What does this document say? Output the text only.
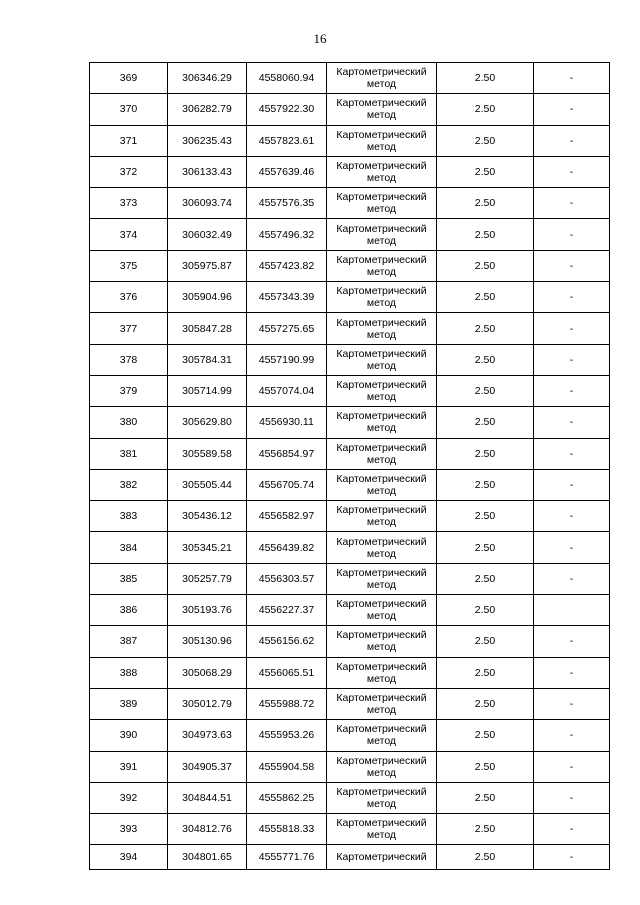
16
369	306346.29	4558060.94	Картометрический
метод	2.50	-
370	306282.79	4557922.30	Картометрический
метод	2.50	-
371	306235.43	4557823.61	Картометрический
метод	2.50	-
372	306133.43	4557639.46	Картометрический
метод	2.50	-
373	306093.74	4557576.35	Картометрический
метод	2.50	-
374	306032.49	4557496.32	Картометрический
метод	2.50	-
375	305975.87	4557423.82	Картометрический
метод	2.50	-
376	305904.96	4557343.39	Картометрический
метод	2.50	-
377	305847.28	4557275.65	Картометрический
метод	2.50	-
378	305784.31	4557190.99	Картометрический
метод	2.50	-
379	305714.99	4557074.04	Картометрический
метод	2.50	-
380	305629.80	4556930.11	Картометрический
метод	2.50	-
381	305589.58	4556854.97	Картометрический
метод	2.50	-
382	305505.44	4556705.74	Картометрический
метод	2.50	-
383	305436.12	4556582.97	Картометрический
метод	2.50	-
384	305345.21	4556439.82	Картометрический
метод	2.50	-
385	305257.79	4556303.57	Картометрический
метод	2.50	-
386	305193.76	4556227.37	Картометрический
метод	2.50	
387	305130.96	4556156.62	Картометрический
метод	2.50	-
388	305068.29	4556065.51	Картометрический
метод	2.50	-
389	305012.79	4555988.72	Картометрический
метод	2.50	-
390	304973.63	4555953.26	Картометрический
метод	2.50	-
391	304905.37	4555904.58	Картометрический
метод	2.50	-
392	304844.51	4555862.25	Картометрический
метод	2.50	-
393	304812.76	4555818.33	Картометрический
метод	2.50	-
394	304801.65	4555771.76	Картометрический	2.50	-
